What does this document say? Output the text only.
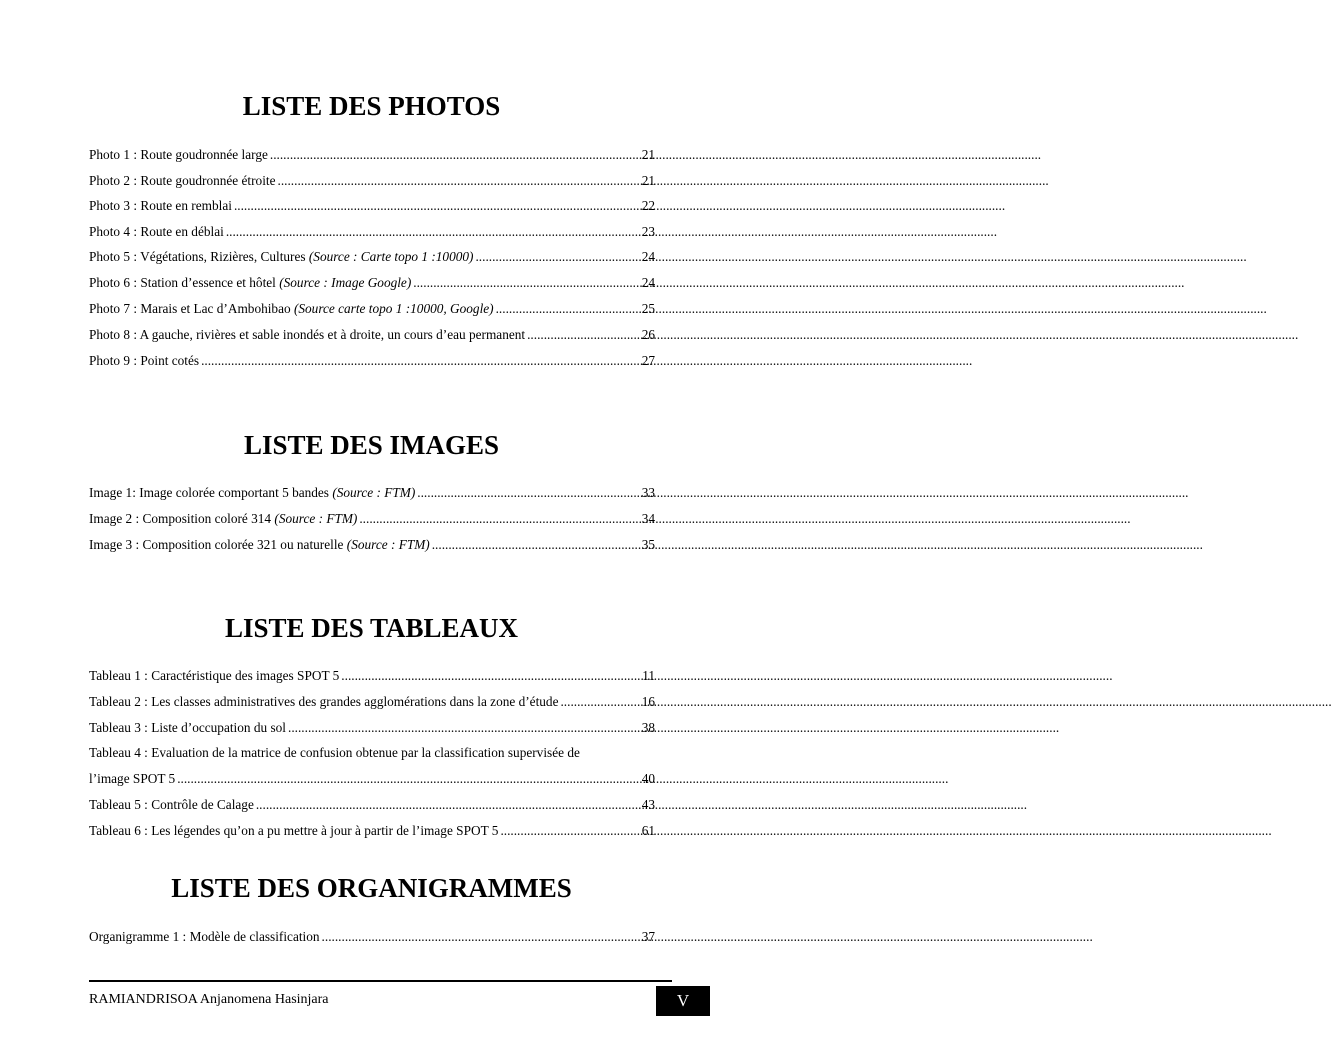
LISTE DES PHOTOS
Photo 1 : Route goudronnée large .....	21
Photo 2 : Route goudronnée étroite .....	21
Photo 3 : Route en remblai .....	22
Photo 4 : Route en déblai .....	23
Photo 5 : Végétations, Rizières, Cultures (Source : Carte topo 1 :10000) .....	24
Photo 6 : Station d’essence et hôtel (Source : Image Google) .....	24
Photo 7 : Marais et Lac d’Ambohibao (Source carte topo 1 :10000, Google) .....	25
Photo 8 : A gauche, rivières et sable inondés et à droite, un cours d’eau permanent .....	26
Photo 9 : Point cotés .....	27
LISTE DES IMAGES
Image 1: Image colorée comportant 5 bandes (Source : FTM) .....	33
Image 2 : Composition coloré 314 (Source : FTM) .....	34
Image 3 : Composition colorée 321 ou naturelle (Source : FTM) .....	35
LISTE DES TABLEAUX
Tableau 1 : Caractéristique des images SPOT 5 .....	11
Tableau 2 : Les classes administratives des grandes agglomérations dans la zone d’étude .....	16
Tableau 3 : Liste d’occupation du sol .....	38
Tableau 4 : Evaluation de la matrice de confusion obtenue par la classification supervisée de
l’image SPOT 5 .....	40
Tableau 5 : Contrôle de Calage .....	43
Tableau 6 : Les légendes qu’on a pu mettre à jour à partir de l’image SPOT 5 .....	61
LISTE DES ORGANIGRAMMES
Organigramme 1 : Modèle de classification .....	37
RAMIANDRISOA Anjanomena Hasinjara	V
